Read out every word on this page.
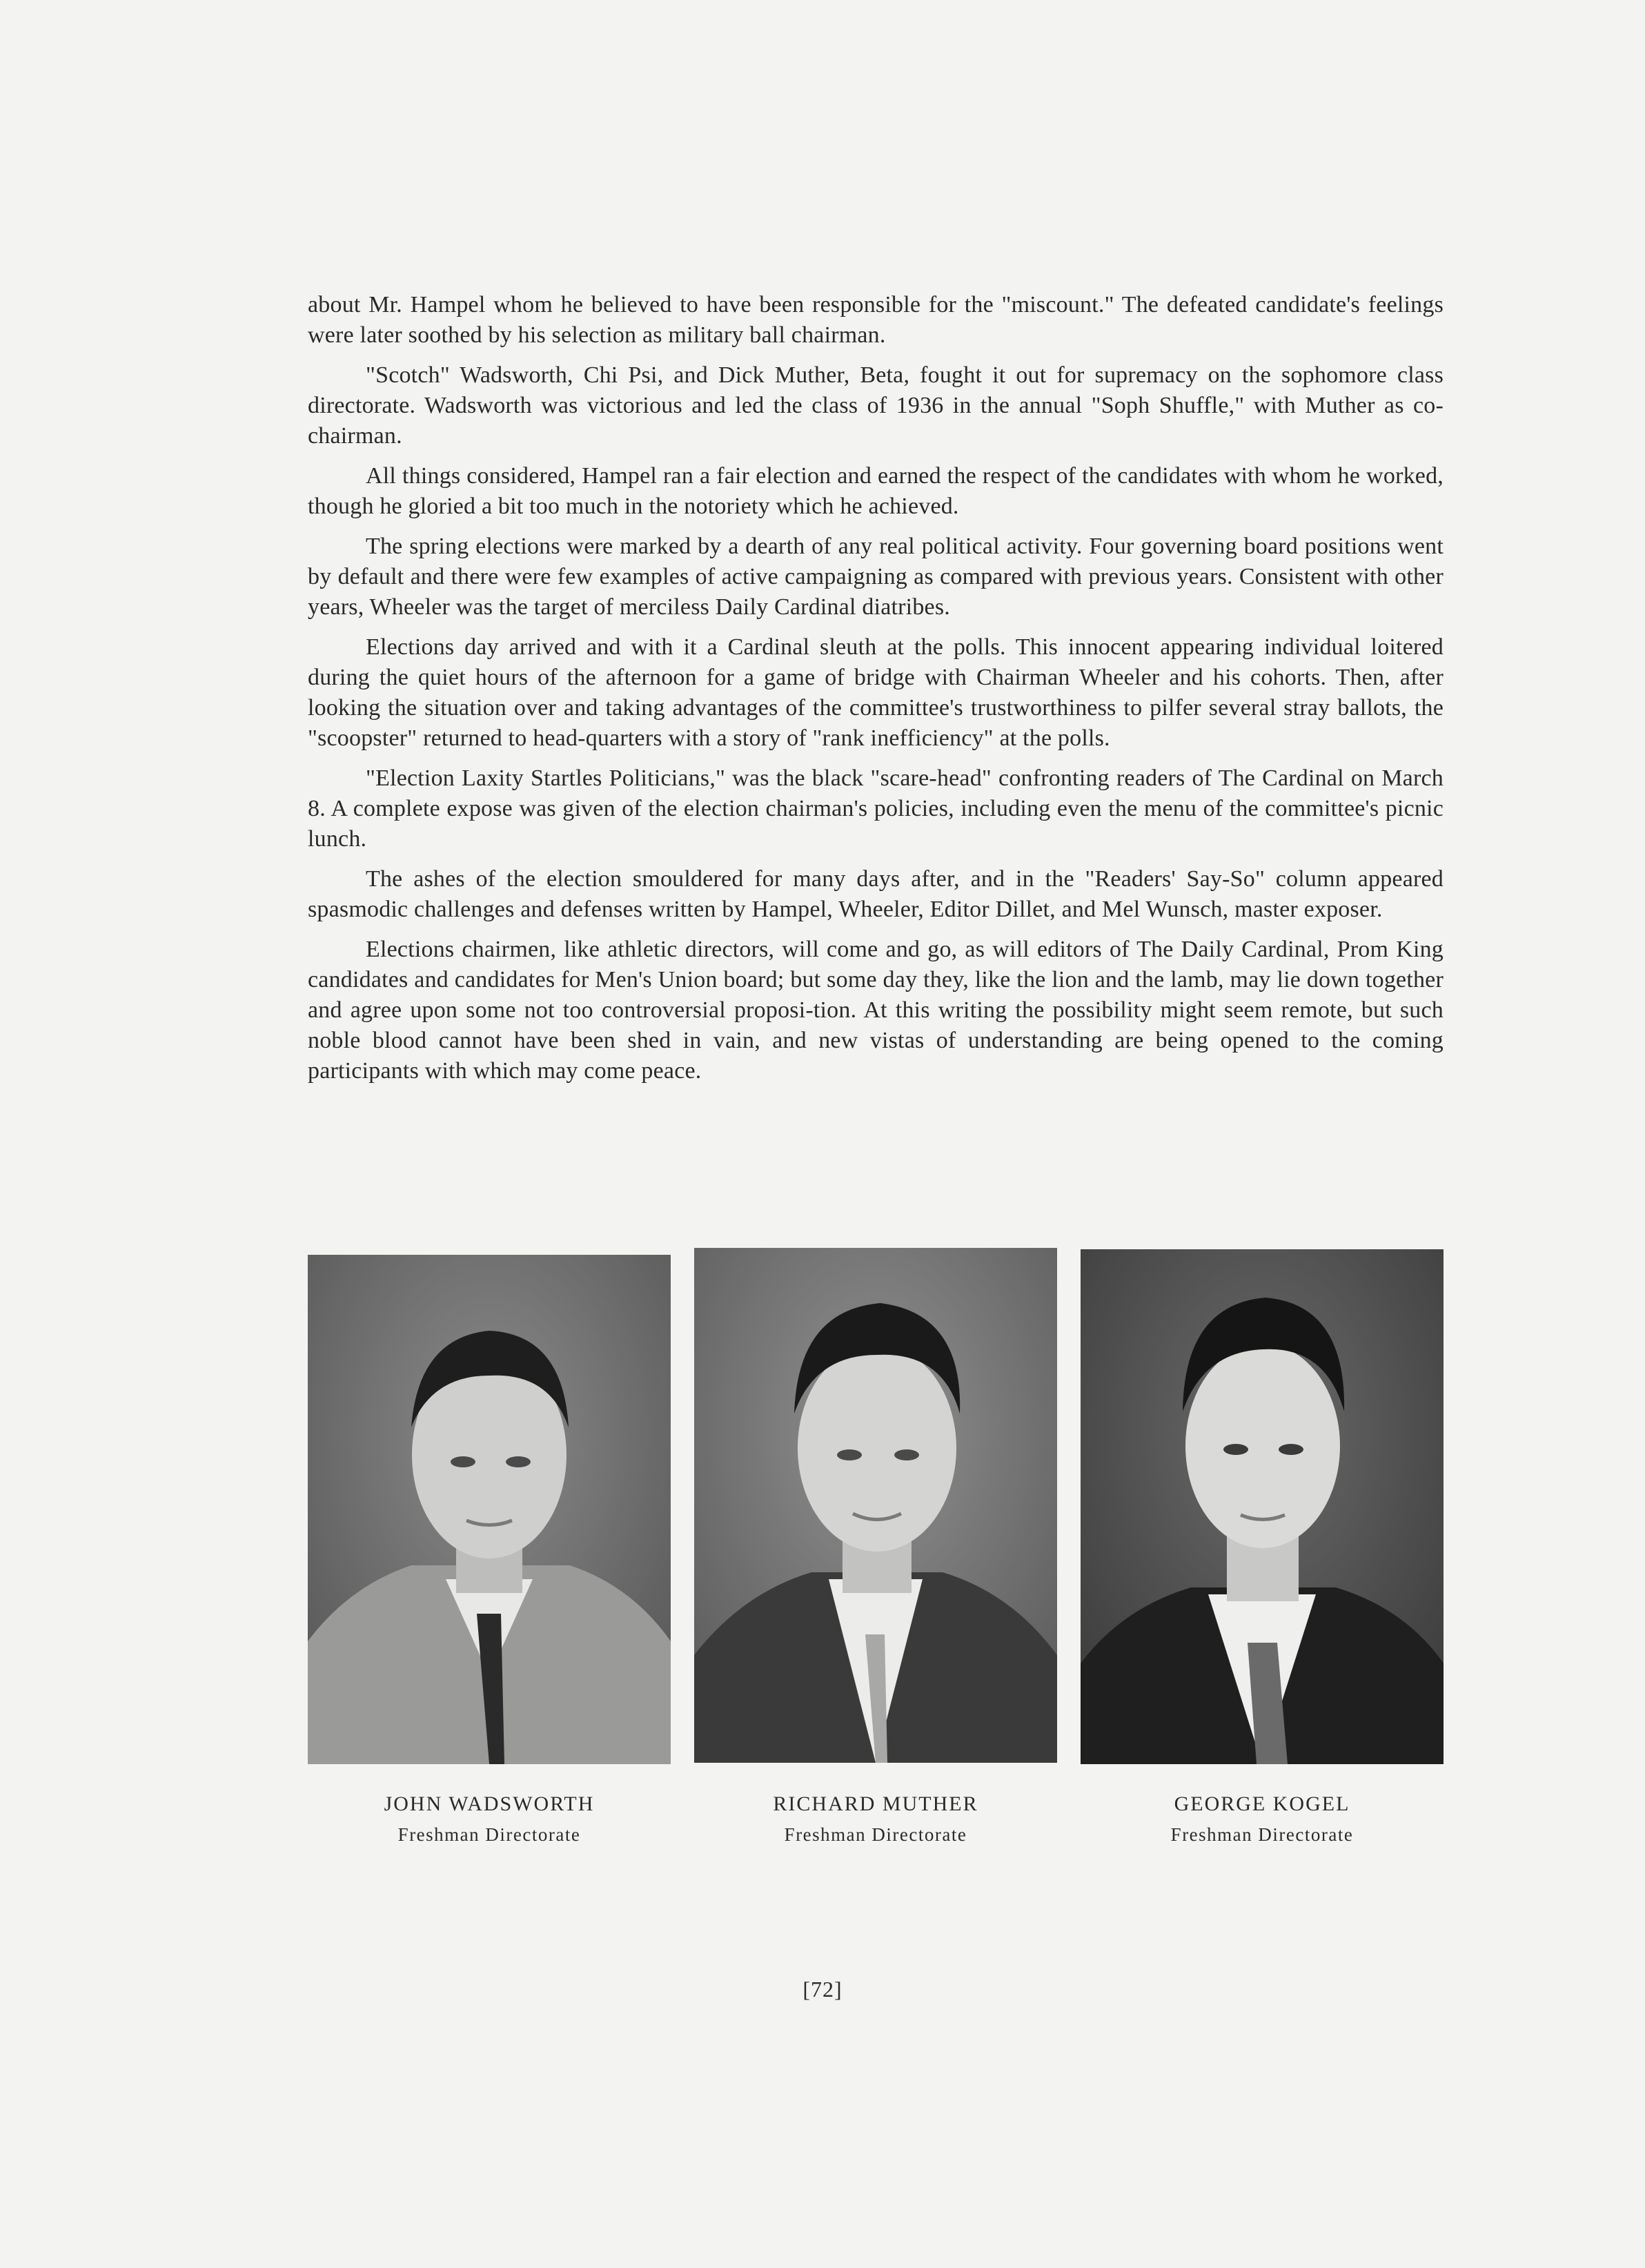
about Mr. Hampel whom he believed to have been responsible for the "miscount." The defeated candidate's feelings were later soothed by his selection as military ball chairman.

"Scotch" Wadsworth, Chi Psi, and Dick Muther, Beta, fought it out for supremacy on the sophomore class directorate. Wadsworth was victorious and led the class of 1936 in the annual "Soph Shuffle," with Muther as co-chairman.

All things considered, Hampel ran a fair election and earned the respect of the candidates with whom he worked, though he gloried a bit too much in the notoriety which he achieved.

The spring elections were marked by a dearth of any real political activity. Four governing board positions went by default and there were few examples of active campaigning as compared with previous years. Consistent with other years, Wheeler was the target of merciless Daily Cardinal diatribes.

Elections day arrived and with it a Cardinal sleuth at the polls. This innocent appearing individual loitered during the quiet hours of the afternoon for a game of bridge with Chairman Wheeler and his cohorts. Then, after looking the situation over and taking advantages of the committee's trustworthiness to pilfer several stray ballots, the "scoopster" returned to head-quarters with a story of "rank inefficiency" at the polls.

"Election Laxity Startles Politicians," was the black "scare-head" confronting readers of The Cardinal on March 8. A complete expose was given of the election chairman's policies, including even the menu of the committee's picnic lunch.

The ashes of the election smouldered for many days after, and in the "Readers' Say-So" column appeared spasmodic challenges and defenses written by Hampel, Wheeler, Editor Dillet, and Mel Wunsch, master exposer.

Elections chairmen, like athletic directors, will come and go, as will editors of The Daily Cardinal, Prom King candidates and candidates for Men's Union board; but some day they, like the lion and the lamb, may lie down together and agree upon some not too controversial proposi-tion. At this writing the possibility might seem remote, but such noble blood cannot have been shed in vain, and new vistas of understanding are being opened to the coming participants with which may come peace.

JOHN WADSWORTH
Freshman Directorate
RICHARD MUTHER
Freshman Directorate
GEORGE KOGEL
Freshman Directorate
[72]
